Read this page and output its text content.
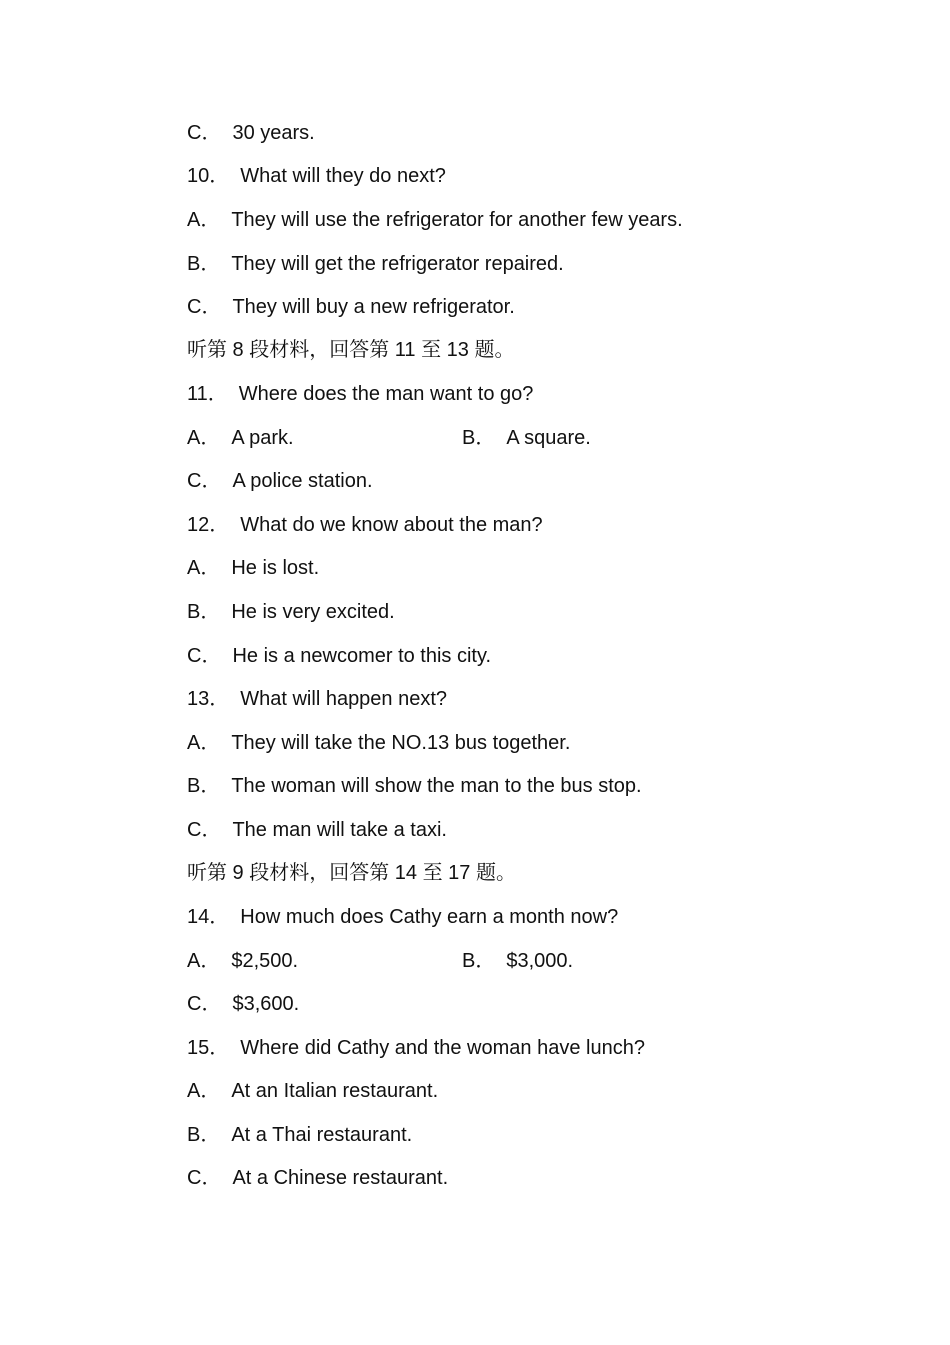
C． 30 years.
10． What will they do next?
A． They will use the refrigerator for another few years.
B． They will get the refrigerator repaired.
C． They will buy a new refrigerator.
听第 8 段材料，回答第 11 至 13 题。
11． Where does the man want to go?
A． A park.	B． A square.
C． A police station.
12． What do we know about the man?
A． He is lost.
B． He is very excited.
C． He is a newcomer to this city.
13． What will happen next?
A． They will take the NO.13 bus together.
B． The woman will show the man to the bus stop.
C． The man will take a taxi.
听第 9 段材料，回答第 14 至 17 题。
14． How much does Cathy earn a month now?
A． $2,500.	B． $3,000.
C． $3,600.
15． Where did Cathy and the woman have lunch?
A． At an Italian restaurant.
B． At a Thai restaurant.
C． At a Chinese restaurant.
